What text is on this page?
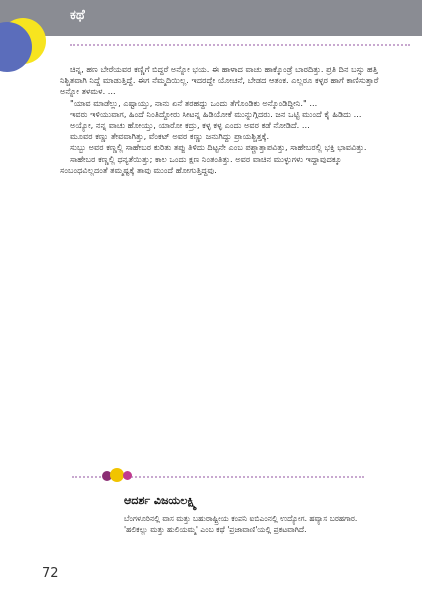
ಕಥೆ

ಚಿನ್ನ, ಹಣ ಬೇರೆಯವರ ಕಣ್ಣಿಗೆ ಬಿದ್ದರೆ ಅನ್ನೋ ಭಯ. ಈ ಹಾಳಾದ ವಾಚು ಹಾಕ್ಕೊಂಡ್ರೆ ಬಾರದಿತ್ತು. ಪ್ರತಿ ದಿನ ಬಸ್ಸು ಹತ್ತಿ ನಿಶ್ಚಿತವಾಗಿ ನಿದ್ದೆ ಮಾಡುತ್ತಿದ್ದೆ. ಈಗ ನೆಮ್ಮದಿಯಿಲ್ಲ. ಇದರದ್ದೇ ಯೋಚನೆ, ಬೇಡದ ಆತಂಕ. ಎಲ್ಲರೂ ಕಳ್ಳರ ಹಾಗೆ ಕಾಣಿಸುತ್ತಾರೆ ಅನ್ನೋ ತಳಮಳ. ...

"ಯಾವ ಮಾಡೆಲ್ಲು, ಎಷ್ಟಾಯ್ತು, ನಾನು ಏನೆ ತರಹದ್ದು ಒಂದು ತೆಗೊಂಡಿಕು ಅನ್ಕೊಂಡಿದ್ದೀನಿ." ...

ಇವರು ಇಳಿಯುವಾಗ, ಹಿಂದೆ ನಿಂತಿದ್ದೋರು ಸೀಟನ್ನ ಹಿಡಿಯೋಕೆ ಮುನ್ನುಗ್ಗಿದರು. ಜನ ಒಟ್ಟಿ ಮುಂದೆ ಕೈ ಹಿಡಿದು ...

ಅಯ್ಯೋ, ನನ್ನ ವಾಚು ಹೋಯ್ತು, ಯಾರೋ ಕದ್ರು, ಕಳ್ಳ ಕಳ್ಳ ಎಂದು ಅವರ ಕಡೆ ನೋಡಿದೆ. ...

ಮೂವರ ಕಣ್ಣು ತೇವವಾಗಿತ್ತು, ವೆಂಕಟ್ ಅವರ ಕಣ್ಣು ಜನುಗಿದ್ದು ಪ್ರಾಯಶ್ಚಿತ್ತಕ್ಕೆ.

ಸುಬ್ಬು ಅವರ ಕಣ್ಣಲ್ಲಿ ಸಾಹೇಬರ ಕುರಿತು ತಪ್ಪು ತಿಳಿದು ದಿಟ್ಟನೇ ಎಂಬ ಪಶ್ಚಾತ್ತಾಪವಿತ್ತು, ಸಾಹೇಬರಲ್ಲಿ ಭಕ್ತಿ ಭಾವವಿತ್ತು.

ಸಾಹೇಬರ ಕಣ್ಣಲ್ಲಿ ಧನ್ಯತೆಯಿತ್ತು; ಕಾಲ ಒಂದು ಕ್ಷಣ ನಿಂತಂತಿತ್ತು. ಅವರ ವಾಚಿನ ಮುಳ್ಳುಗಳು ಇದ್ದಾವುದಕ್ಕೂ ಸಂಬಂಧವಿಲ್ಲದಂತೆ ತಮ್ಮಷ್ಟಕ್ಕೆ ತಾವು ಮುಂದೆ ಹೋಗುತ್ತಿದ್ದವು.

ಆದರ್ಶ ವಿಜಯಲಕ್ಷ್ಮಿ
ಬೆಂಗಳೂರಿನಲ್ಲಿ ವಾಸ ಮತ್ತು ಬಹುರಾಷ್ಟ್ರೀಯ ಕಂಪನಿ ಐಬಿಎಂನಲ್ಲಿ ಉದ್ಯೋಗ. ಹವ್ಯಾಸ ಬರಹಗಾರ. 'ಹಲಿಕಲ್ಲು ಮತ್ತು ಹುಲಿಯಮ್ಮ' ಎಂಬ ಕಥೆ 'ಪ್ರಜಾವಾಣಿ'ಯಲ್ಲಿ ಪ್ರಕಟವಾಗಿದೆ.
72
